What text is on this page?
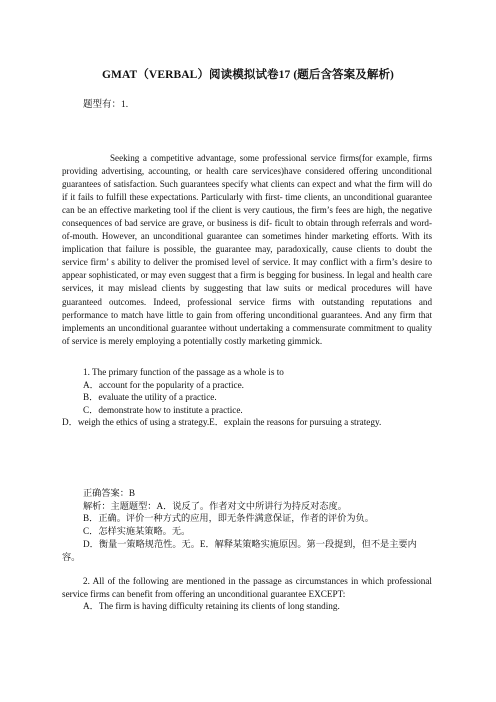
GMAT（VERBAL）阅读模拟试卷17 (题后含答案及解析)
题型有：1.
Seeking a competitive advantage, some professional service firms(for example, firms providing advertising, accounting, or health care services)have considered offering unconditional guarantees of satisfaction. Such guarantees specify what clients can expect and what the firm will do if it fails to fulfill these expectations. Particularly with first- time clients, an unconditional guarantee can be an effective marketing tool if the client is very cautious, the firm’s fees are high, the negative consequences of bad service are grave, or business is dif- ficult to obtain through referrals and word-of-mouth. However, an unconditional guarantee can sometimes hinder marketing efforts. With its implication that failure is possible, the guarantee may, paradoxically, cause clients to doubt the service firm’ s ability to deliver the promised level of service. It may conflict with a firm’s desire to appear sophisticated, or may even suggest that a firm is begging for business. In legal and health care services, it may mislead clients by suggesting that law suits or medical procedures will have guaranteed outcomes. Indeed, professional service firms with outstanding reputations and performance to match have little to gain from offering unconditional guarantees. And any firm that implements an unconditional guarantee without undertaking a commensurate commitment to quality of service is merely employing a potentially costly marketing gimmick.
1. The primary function of the passage as a whole is to
A．account for the popularity of a practice.
B．evaluate the utility of a practice.
C．demonstrate how to institute a practice.
D．weigh the ethics of using a strategy.E．explain the reasons for pursuing a strategy.
正确答案：B
解析：主题题型：A．说反了。作者对文中所讲行为持反对态度。
B．正确。评价一种方式的应用，即无条件满意保证，作者的评价为负。
C．怎样实施某策略。无。
D．衡量一策略规范性。无。E．解释某策略实施原因。第一段提到，但不是主要内容。
2. All of the following are mentioned in the passage as circumstances in which professional service firms can benefit from offering an unconditional guarantee EXCEPT:
A．The firm is having difficulty retaining its clients of long standing.
